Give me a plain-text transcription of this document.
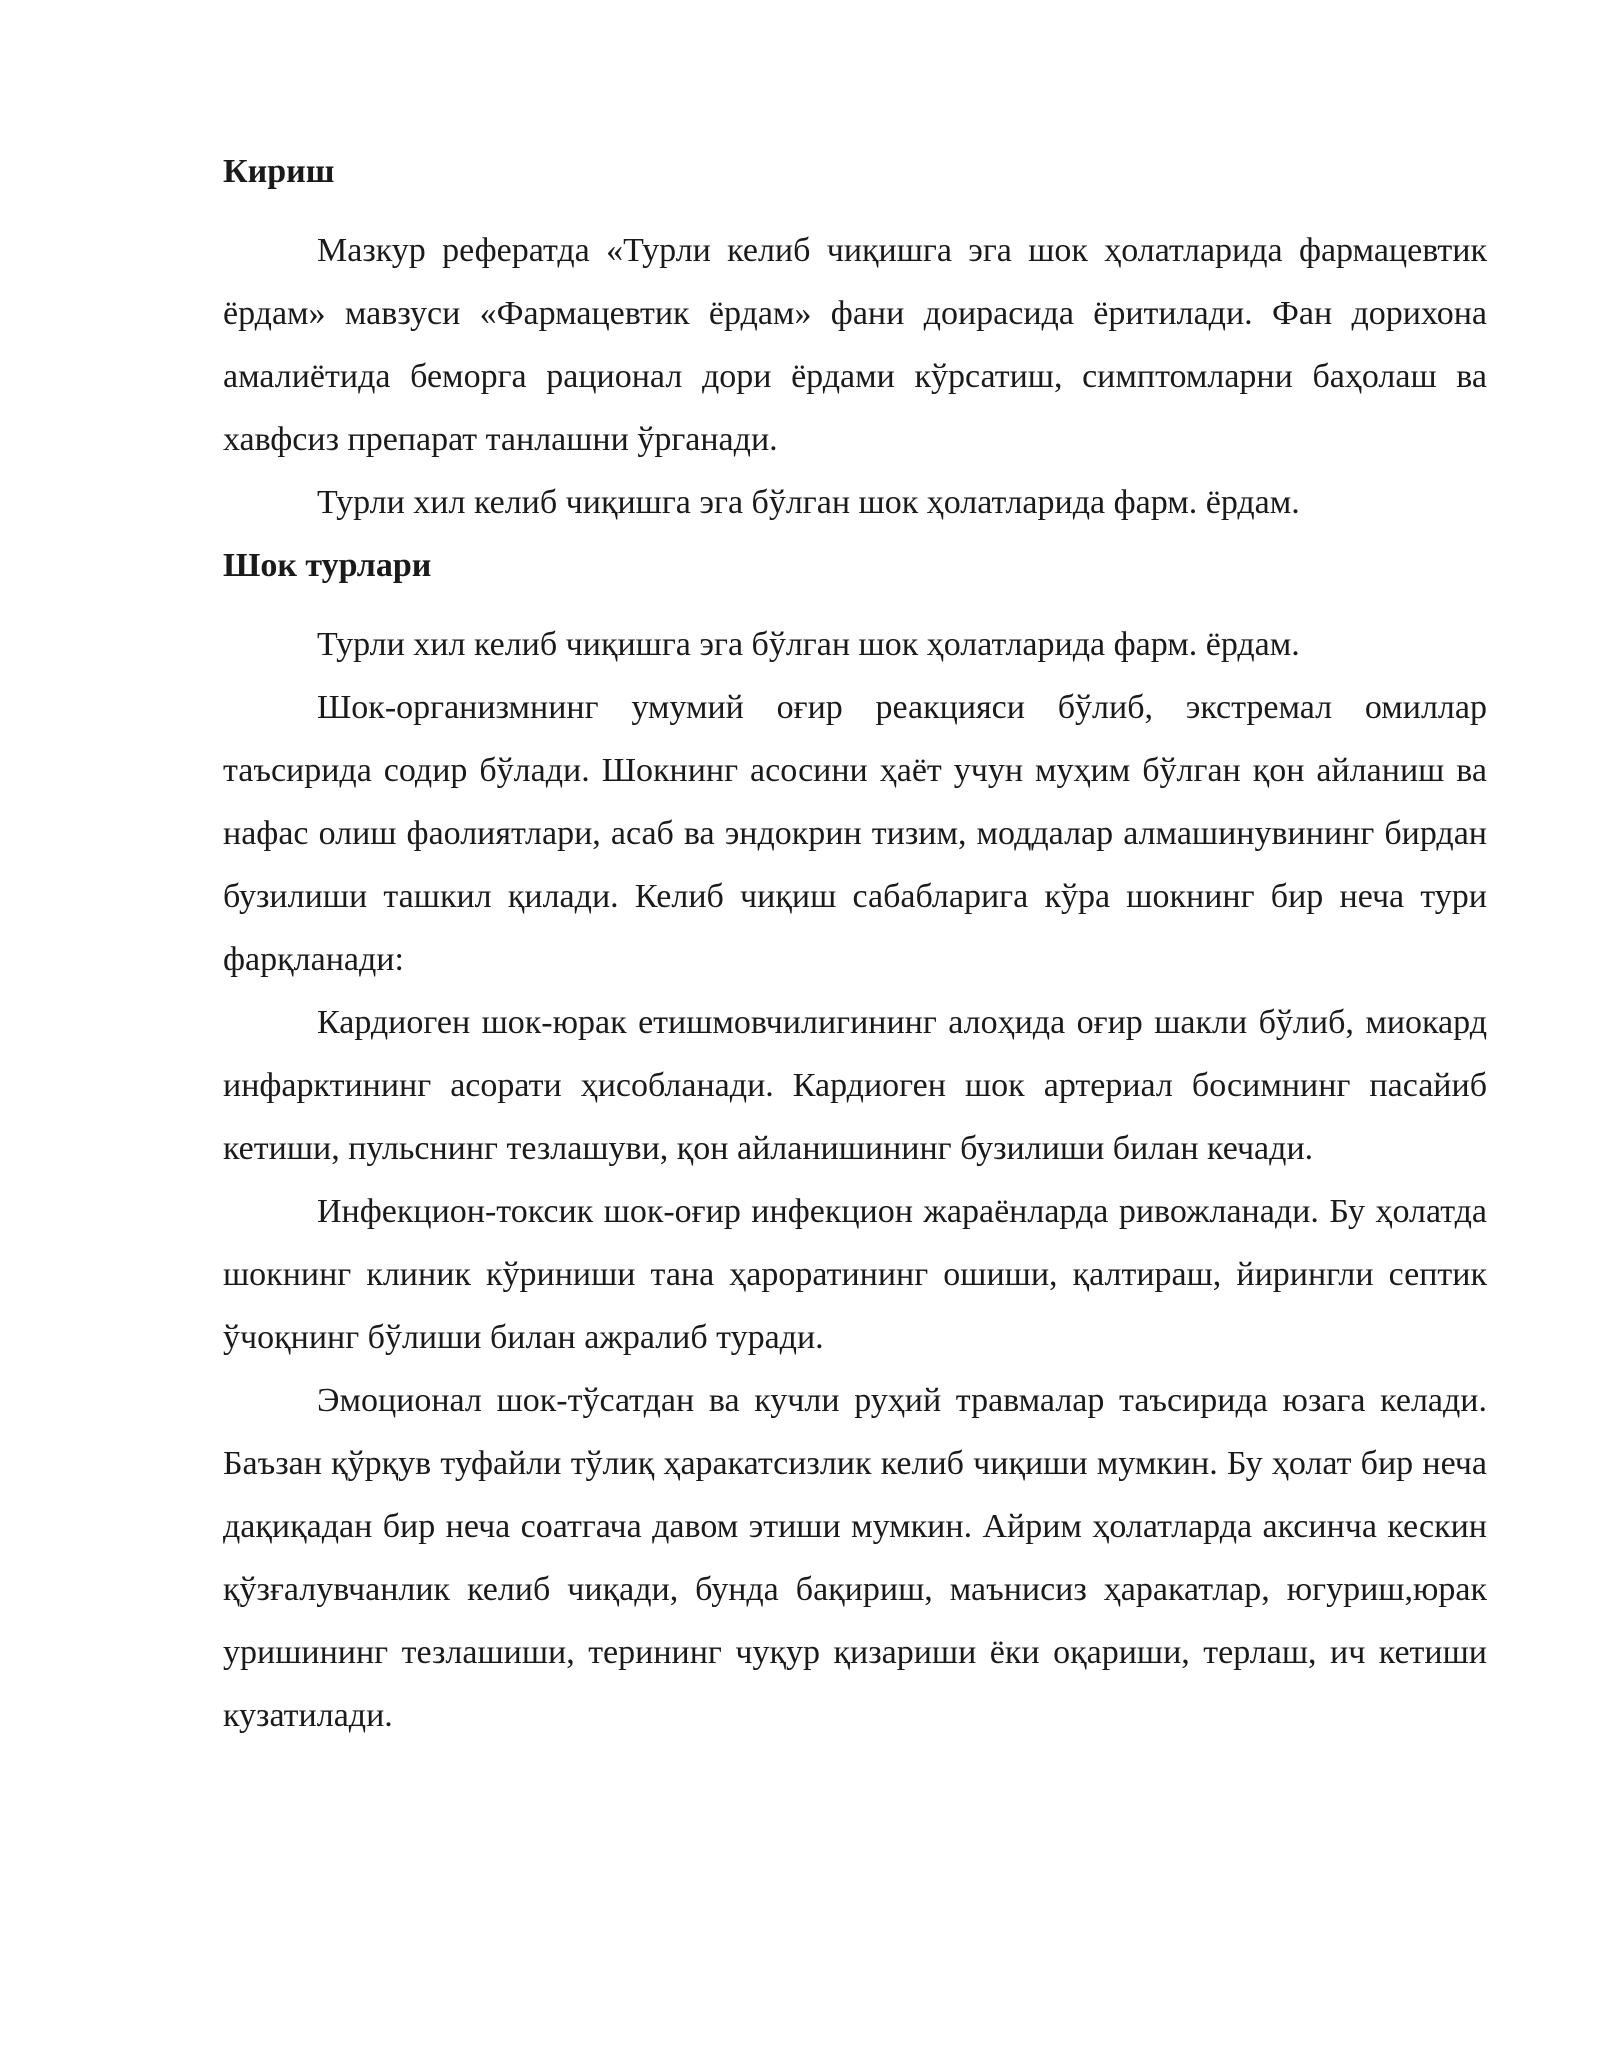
Кириш

Мазкур рефератда «Турли келиб чиқишга эга шок ҳолатларида фармацевтик ёрдам» мавзуси «Фармацевтик ёрдам» фани доирасида ёритилади. Фан дорихона амалиётида беморга рационал дори ёрдами кўрсатиш, симптомларни баҳолаш ва хавфсиз препарат танлашни ўрганади.

Турли хил келиб чиқишга эга бўлган шок ҳолатларида фарм. ёрдам.

Шок турлари

Турли хил келиб чиқишга эга бўлган шок ҳолатларида фарм. ёрдам.

Шок-организмнинг умумий оғир реакцияси бўлиб, экстремал омиллар таъсирида содир бўлади. Шокнинг асосини ҳаёт учун муҳим бўлган қон айланиш ва нафас олиш фаолиятлари, асаб ва эндокрин тизим, моддалар алмашинувининг бирдан бузилиши ташкил қилади. Келиб чиқиш сабабларига кўра шокнинг бир неча тури фарқланади:

Кардиоген шок-юрак етишмовчилигининг алоҳида оғир шакли бўлиб, миокард инфарктининг асорати ҳисобланади. Кардиоген шок артериал босимнинг пасайиб кетиши, пульснинг тезлашуви, қон айланишининг бузилиши билан кечади.

Инфекцион-токсик шок-оғир инфекцион жараёнларда ривожланади. Бу ҳолатда шокнинг клиник кўриниши тана ҳароратининг ошиши, қалтираш, йирингли септик ўчоқнинг бўлиши билан ажралиб туради.

Эмоционал шок-тўсатдан ва кучли руҳий травмалар таъсирида юзага келади. Баъзан қўрқув туфайли тўлиқ ҳаракатсизлик келиб чиқиши мумкин. Бу ҳолат бир неча дақиқадан бир неча соатгача давом этиши мумкин. Айрим ҳолатларда аксинча кескин қўзғалувчанлик келиб чиқади, бунда бақириш, маънисиз ҳаракатлар, югуриш,юрак уришининг тезлашиши, терининг чуқур қизариши ёки оқариши, терлаш, ич кетиши кузатилади.
